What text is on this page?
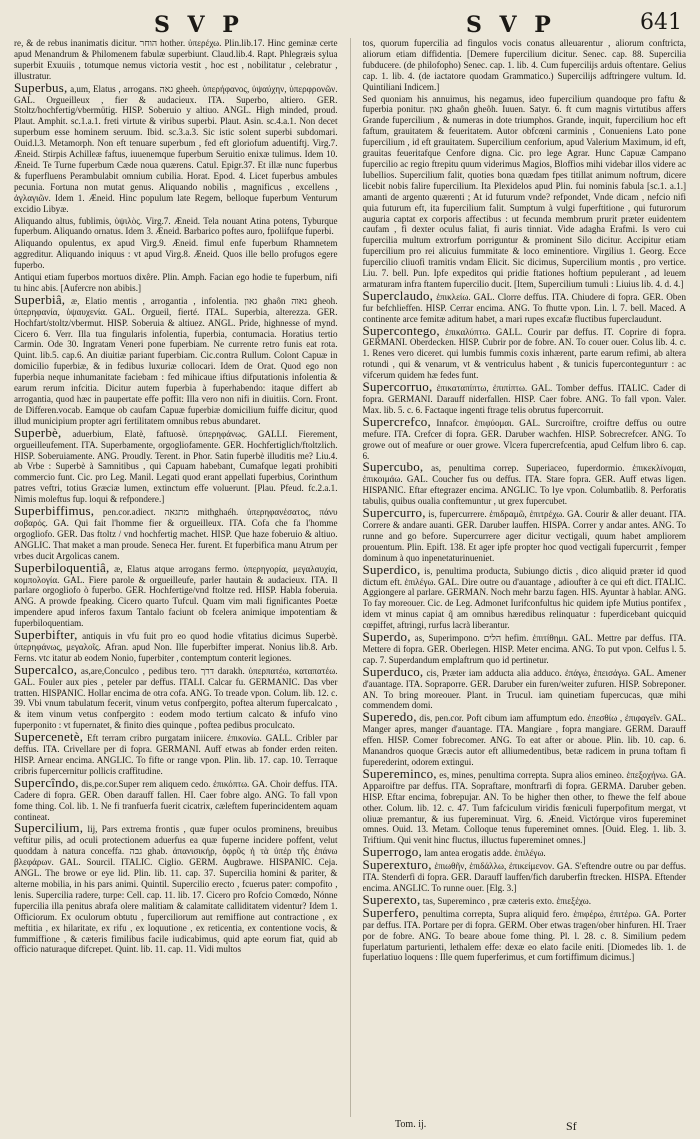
S V P	S V P	641

re, & de rebus inanimatis dicitur. הוחר hother. ὑπερέχω. Plin.lib.17. Hinc geminæ certe apud Menandrum & Philomenem fabulæ superbiunt. Claud.lib.4. Rapt. Phlegræis sylua superbit Exuuiis , totumque nemus victoria vestit , hoc est , nobilitatur , celebratur , illustratur.

Superbus, a,um, Elatus , arrogans. גאה gheeh. ὑπερήφανος, ὑψαύχην, ὑπερφρονῶν. GAL. Orgueilleux , fier & audacieux. ITA. Superbo, altiero. GER. Stoltz/hochfertig/vbermütig. HISP. Soberuio y altiuo. ANGL. High minded, proud. Plaut. Amphit. sc.1.a.1. freti virtute & viribus superbi. Plaut. Asin. sc.4.a.1. Non decet superbum esse hominem seruum. Ibid. sc.3.a.3. Sic istic solent superbi subdomari. Ouid.l.3. Metamorph. Non eft tenuare superbum , fed eft gloriofum aduentiftj. Virg.7. Æneid. Stirpis Achilleæ faftus, iuuenemque fuperbum Seruitio enixæ tulimus. Idem 10. Æneid. Te Turne fuperbum Cæde noua quærens. Catul. Epigr.37. Et illæ nunc fuperbus & fuperfluens Perambulabit omnium cubilia. Horat. Epod. 4. Licet fuperbus ambules pecunia. Fortuna non mutat genus. Aliquando nobilis , magnificus , excellens , ἀγλαγιῶν. Idem 1. Æneid. Hinc populum late Regem, belloque fuperbum Venturum excidio Libyæ.

Aliquando altus, fublimis, ὑψιλὸς. Virg.7. Æneid. Tela nouant Atina potens, Tyburque fuperbum. Aliquando ornatus. Idem 3. Æneid. Barbarico poftes auro, fpoliifque fuperbi.

Aliquando opulentus, ex apud Virg.9. Æneid. fimul enfe fuperbum Rhamnetem aggreditur. Aliquando iniquus : vt apud Virg.8. Æneid. Quos ille bello profugos egere fuperbo.

Antiqui etiam fuperbos mortuos dixêre. Plin. Amph. Facian ego hodie te fuperbum, nifi tu hinc abis. [Aufercre non abibis.]

Superbiâ, æ, Elatio mentis , arrogantia , infolentia. גאון ghaôn נאוה gheoh. ὑπερηφανία, ὑψαυχενία. GAL. Orgueil, fierté. ITAL. Superbia, alterezza. GER. Hochfart/stoltz/vbermut. HISP. Soberuia & altiuez. ANGL. Pride, highnesse of mynd. Cicero 6. Verr. Illa tua fingularis infolentia, fuperbia, contumacia. Horatius tertio Carmin. Ode 30. Ingratam Veneri pone fuperbiam. Ne currente retro funis eat rota. Quint. lib.5. cap.6. An diuitiæ pariant fuperbiam. Cic.contra Rullum. Colont Capuæ in domicilio fuperbiæ, & in fedibus luxuriæ collocari. Idem de Orat. Quod ego non fuperbia neque inhumanitate faciebam : fed mihicaue iftius difputationis infolentia & earum rerum infcitia. Dicitur autem fuperbia à fuperhabendo: itaque differt ab arrogantia, quod hæc in paupertate effe poffit: Illa vero non nifi in diuitiis. Corn. Front. de Differen.vocab. Eamque ob caufam Capuæ fuperbiæ domicilium fuiffe dicitur, quod illud municipium propter agri fertilitatem omnibus rebus abundaret.

Superbè, aduerbium, Elatè, faftuosè. ὑπερηφάνως. GALLI. Fierement, orgueilleufement. ITA. Superbamente, orgogliofamente. GER. Hochfertiglich/ftoltzlich. HISP. Soberuiamente. ANG. Proudly. Terent. in Phor. Satin fuperbè illuditis me? Liu.4. ab Vrbe : Superbè à Samnitibus , qui Capuam habebant, Cumafque legati prohibiti commercio funt. Cic. pro Leg. Manil. Legati quod erant appellati fuperbius, Corinthum patres veftri, totius Græciæ lumen, extinctum effe voluerunt. [Plau. Pfeud. fc.2.a.1. Nimis moleftus fup. loqui & refpondere.]

Superbiffimus, pen.cor.adiect. מתגאה mithghaéh. ὑπερηφανέσατος, πάνυ σοβαρός. GA. Qui fait l'homme fier & orgueilleux. ITA. Cofa che fa l'homme orgogliofo. GER. Das ftoltz / vnd hochfertig machet. HISP. Que haze foberuio & altiuo. ANGLIC. That maket a man proude. Seneca Her. furent. Et fuperbifica manu Atrum per vrbes ducit Argolicas canem.

Superbiloquentiâ, æ, Elatus atque arrogans fermo. ὑπερηγορία, μεγαλαυχία, κομπολογία. GAL. Fiere parole & orgueilleufe, parler hautain & audacieux. ITA. Il parlare orgogliofo ò fuperbo. GER. Hochfertige/vnd ftoltze red. HISP. Habla foberuia. ANG. A prowde fpeaking. Cicero quarto Tufcul. Quam vim mali fignificantes Poetæ impendere apud inferos faxum Tantalo faciunt ob fcelera animique impotentiam & fuperbiloquentiam.

Superbifter, antiquis in vfu fuit pro eo quod hodie vfitatius dicimus Superbè. ὑπερηφάνως, μεγαλοῖς. Afran. apud Non. Ille fuperbifter imperat. Nonius lib.8. Arb. Ferns. vtc itatur ab eodem Nonio, fuperbiter , contemptum conterit legiones.

Supercalco, as,are,Conculco , pedibus tero. דרך darakh. ὑπερπατέω, καταπατέω. GAL. Fouler aux pies , peteler par deffus. ITALI. Calcar fu. GERMANIC. Das vber tratten. HISPANIC. Hollar encima de otra cofa. ANG. To treade vpon. Colum. lib. 12. c. 39. Vbi vnum tabulatum fecerit, vinum vetus confpergito, poftea alterum fupercalcato , & item vinum vetus confpergito : eodem modo tertium calcato & infufo vino fuperponito : vt fupernatet, & finito dies quinque , poftea pedibus proculcato.

Supercenetè, Eft terram cribro purgatam iniicere. ἐπικονίω. GALL. Cribler par deffus. ITA. Crivellare per di fopra. GERMANI. Auff etwas ab fonder erden reiten. HISP. Arnear encima. ANGLIC. To fifte or range vpon. Plin. lib. 17. cap. 10. Terraque cribris fupercernitur pollicis craffitudine.

Supercîndo, dis,pe.cor.Super rem aliquem cedo. ἐπικόπτω. GA. Choir deffus. ITA. Cadere di fopra. GER. Oben darauff fallen. HI. Caer fobre algo. ANG. To fall vpon fome thing. Col. lib. 1. Ne fi tranfuerfa fuerit cicatrix, cæleftem fuperincidentem aquam contineat.

Supercilium, lij, Pars extrema frontis , quæ fuper oculos prominens, breuibus veftitur pilis, ad oculi protectionem aduerfus ea quæ fuperne incidere poffent, velut quoddam à natura conceffa. גבה ghab. ἀπανισικήρ, ὀφρῦς ἡ τὰ ὑπέρ τῆς ἐπάνω βλεφάρων. GAL. Sourcil. ITALIC. Ciglio. GERM. Augbrawe. HISPANIC. Ceja. ANGL. The browe or eye lid. Plin. lib. 11. cap. 37. Supercilia homini & pariter, & alterne mobilia, in his pars animi. Quintil. Supercilio erecto , fcuerus pater: compofito , lenis. Supercilia radere, turpe: Cell. cap. 11. lib. 17. Cicero pro Rofcio Comœdo, Nónne fupercilia illa penitus abrafa olere malitiam & calamitate calliditatem videntur? Idem 1. Officiorum. Ex oculorum obtutu , fuperciliorum aut remiffione aut contractione , ex meftitia , ex hilaritate, ex rifu , ex loquutione , ex reticentia, ex contentione vocis, & fummiffione , & cæteris fimilibus facile iudicabimus, quid apte eorum fiat, quid ab officio naturaque difcrepet. Quint. lib. 11. cap. 11. Vidi multos

tos, quorum fupercilia ad fingulos vocis conatus alleuarentur , aliorum conftricta, aliorum etiam diffidentia. [Demere fupercilium dicitur. Senec. cap. 88. Supercilia fubducere. (de philofopho) Senec. cap. 1. lib. 4. Cum fupercilijs arduis oftentare. Gelius cap. 1. lib. 4. (de iactatore quodam Grammatico.) Supercilijs adftringere vultum. Id. Quintiliani Indicem.]

Sed quoniam his annuimus, his negamus, ideo fupercilium quandoque pro faftu & fuperbia ponitur. גאון ghaôn gheôh. Iuuen. Satyr. 6. ft cum magnis virtutibus affers Grande fupercilium , & numeras in dote triumphos. Grande, inquit, fupercilium hoc eft faftum, grauitatem & feueritatem. Autor obfcœni carminis , Conueniens Lato pone fupercilium , id eft grauitatem. Supercilium cenforium, apud Valerium Maximum, id eft, grauitas feueritafque Cenfore digna. Cic. pro lege Agrar. Hunc Capuæ Campano fupercilio ac regio ftrepitu quum viderimus Magios, Bloffios mihi videbar illos videre ac Iubellios. Supercilium falit, quoties bona quædam fpes titillat animum noftrum, dicere licebit nobis falire fupercilium. Ita Plexidelos apud Plin. fui nominis fabula [sc.1. a.1.] amanti de argento quærenti ; At id futurum vnde? refpondet, Vnde dicam , nefcio nifi quia futurum eft, ita fupercilium falit. Sumptum à vulgi fuperftitione , qui futurorum auguria captat ex corporis affectibus : ut fecunda membrum prurit præter euidentem caufam , fi dexter oculus faliat, fi auris tinniat. Vide adagha Erafmi. Is vero cui fupercilia multum extrorfum porriguntur & prominent Silo dicitur. Accipitur etiam fupercilium pro rei alicuius fummitate & loco eminentiore. Virgilius 1. Georg. Ecce fupercilio cliuofi tramitis vndam Elicit. Sic dicimus, Supercilium montis , pro vertice. Liu. 7. bell. Pun. Ipfe expeditos qui pridie ftationes hoftium pepulerant , ad leuem armaturam infra ftantem fupercilio ducit. [Item, Supercilium tumuli : Liuius lib. 4. d. 4.]

Superclaudo, ἐπικλείω. GAL. Clorre deffus. ITA. Chiudere di fopra. GER. Oben fur befchlieffen. HISP. Cerrar encima. ANG. To fhutte vpon. Lin. l. 7. bell. Maced. A continente arce femitæ aditum habet, a mari rupes excafæ fluctibus fuperclaudunt.

Supercontego, ἐπικαλύπτω. GALL. Courir par deffus. IT. Coprire di fopra. GERMANI. Oberdecken. HISP. Cubrir por de fobre. AN. To couer ouer. Colus lib. 4. c. 1. Renes vero diceret. qui lumbis fummis coxis inhærent, parte earum refimi, ab altera rotundi , qui & venarum, vt & ventriculus habent , & tunicis fupercontegunturr : ac vifcerum quidem hæ fedes funt.

Supercorruo, ἐπικαταπίπτω, ἐπιπίπτω. GAL. Tomber deffus. ITALIC. Cader di fopra. GERMANI. Darauff niderfallen. HISP. Caer fobre. ANG. To fall vpon. Valer. Max. lib. 5. c. 6. Factaque ingenti ftrage telis obrutus fupercorruit.

Supercrefco, Innafcor. ἐπιφύομαι. GAL. Surcroiftre, croiftre deffus ou outre mefure. ITA. Crefcer di fopra. GER. Daruber wachfen. HISP. Sobrecrefcer. ANG. To growe out of meafure or ouer growe. Vlcera fupercrefcentia, apud Celfum libro 6. cap. 6.

Supercubo, as, penultima correp. Superiaceo, fuperdormio. ἐπικεκλίνομαι, ἐπικοιμάω. GAL. Coucher fus ou deffus. ITA. Stare fopra. GER. Auff etwas ligen. HISPANIC. Eftar eftegrazer encima. ANGLIC. To lye vpon. Columbatlib. 8. Perforatis tabulis, quibus oualia conftemuntur , ut grex fupercubet.

Supercurro, is, fupercurrere. ἐπιδραμῶ, ἐπιτρέχω. GA. Courir & aller deuant. ITA. Correre & andare auanti. GER. Daruber lauffen. HISPA. Correr y andar antes. ANG. To runne and go before. Supercurrere ager dicitur vectigali, quum habet ampliorem prouentum. Plin. Epift. 138. Et ager ipfe propter hoc quod vectigali fupercurrit , femper dominum à quo inpenetaturinueniet.

Superdico, is, penultima producta, Subiungo dictis , dico aliquid præter id quod dictum eft. ἐπιλέγω. GAL. Dire outre ou d'auantage , adioufter à ce qui eft dict. ITALIC. Aggiongere al parlare. GERMAN. Noch mehr barzu fagen. HIS. Ayuntar à hablar. ANG. To fay moreouer. Cic. de Leg. Admonet Iurifconfultus hic quidem ipfe Mutius pontifex , idem vt minus capiat q̃ am omnibus hæredibus relinquatur : fuperdicebant quicquid cœpiffet, aftringi, rurfus lacrà liberantur.

Superdo, as, Superimpono. הלים hefim. ἐπιτίθημι. GAL. Mettre par deffus. ITA. Mettere di fopra. GER. Oberlegen. HISP. Meter encima. ANG. To put vpon. Celfus l. 5. cap. 7. Superdandum emplaftrum quo id pertinetur.

Superduco, cis, Præter iam adducta alia adduco. ἐπάγω, ἐπεισάγω. GAL. Amener d'auantage. ITA. Sopraporre. GER. Daruber ein furen/weiter zufuren. HISP. Sobreponer. AN. To bring moreouer. Plant. in Trucul. iam quinetiam fupercucas, quæ mihi commendem domi.

Superedo, dis, pen.cor. Poft cibum iam affumptum edo. ἐπεσθίω , ἐπιφαγεῖν. GAL. Manger apres, manger d'auantage. ITA. Mangiare , fopra mangiare. GERM. Darauff effen. HISP. Comer fobrecomer. ANG. To eat after or aboue. Plin. lib. 10. cap. 6. Manandros quoque Græcis autor eft alliumedentibus, betæ radicem in pruna toftam fi fuperederint, odorem extingui.

Supereminco, es, mines, penultima correpta. Supra alios emineo. ἐπεξοχήνω. GA. Apparoiftre par deffus. ITA. Sopraftare, monftrarfi di fopra. GERMA. Daruber geben. HISP. Eftar encima, fobrepujar. AN. To be higher then other, to fhewe the felf aboue other. Colum. lib. 12. c. 47. Tum fafciculum viridis fœniculi fuperpofitum mergat, vt oliuæ premantur, & ius fupereminuat. Virg. 6. Æneid. Victórque viros fupereminet omnes. Ouid. 13. Metam. Colloque tenus fupereminet omnes. [Ouid. Eleg. 1. lib. 3. Triftium. Qui venit hinc fluctus, illuctus fupereminet omnes.]

Superrogo, lam antea erogatis adde. ἐπιλέγω.

Superexturo, ἐπιωθῆν, ἐπιδάλλω, ἐπικείμενον. GA. S'eftendre outre ou par deffus. ITA. Stenderfi di fopra. GER. Darauff lauffen/fich daruberfin ftrecken. HISPA. Eftender encima. ANGLIC. To runne ouer. [Elg. 3.]

Superexto, tas, Supereminco , præ cæteris exto. ἐπιεξέχω.

Superfero, penultima correpta, Supra aliquid fero. ἐπιφέρω, ἐπιτέρω. GA. Porter par deffus. ITA. Portare per di fopra. GERM. Ober etwas tragen/ober hinfuren. HI. Traer por de fobre. ANG. To beare aboue fome thing. Pl. l. 28. c. 8. Similium pedem fuperlatum parturienti, lethalem effe: dexæ eo elato facile eniti. [Diomedes lib. 1. de fuperlatiuo loquens : Ille quem fuperferimus, et cum fortiffimum dicimus.]

Tom. ij.	Sf
